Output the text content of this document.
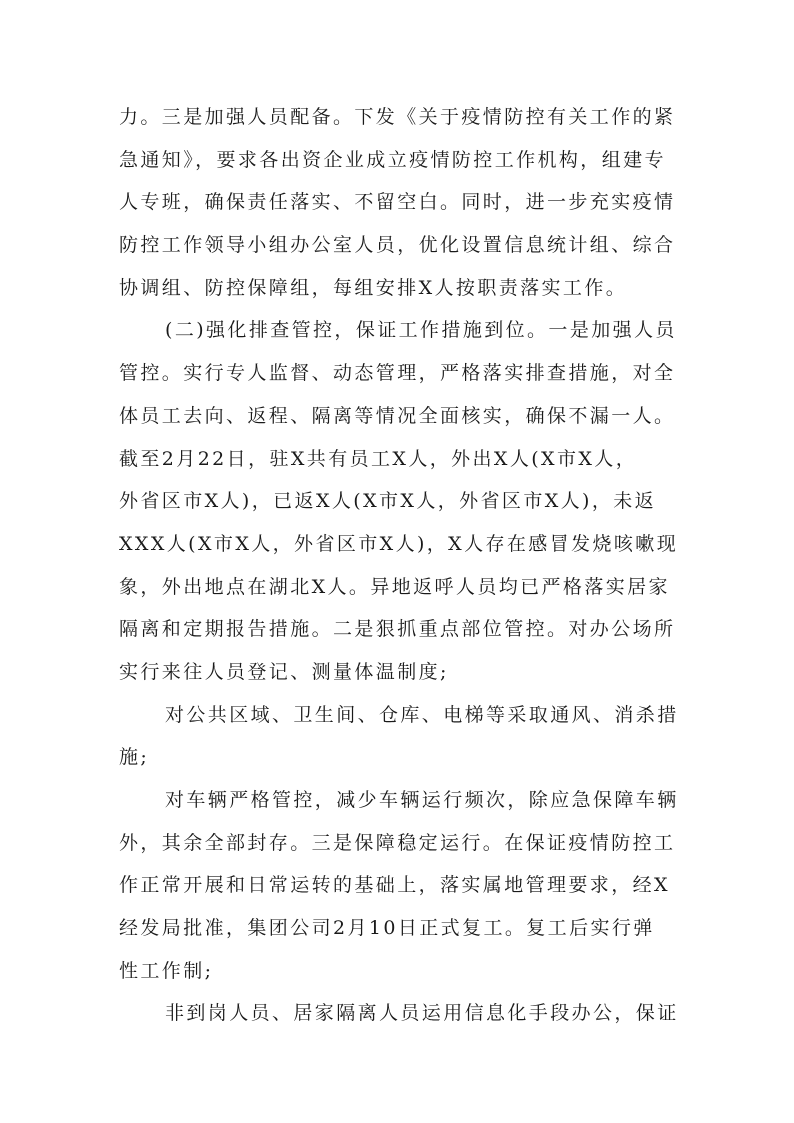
力。三是加强人员配备。下发《关于疫情防控有关工作的紧
急通知》，要求各出资企业成立疫情防控工作机构，组建专
人专班，确保责任落实、不留空白。同时，进一步充实疫情
防控工作领导小组办公室人员，优化设置信息统计组、综合
协调组、防控保障组，每组安排X人按职责落实工作。
(二)强化排查管控，保证工作措施到位。一是加强人员
管控。实行专人监督、动态管理，严格落实排查措施，对全
体员工去向、返程、隔离等情况全面核实，确保不漏一人。
截至2月22日，驻X共有员工X人，外出X人(X市X人，
外省区市X人)，已返X人(X市X人，外省区市X人)，未返
XXX人(X市X人，外省区市X人)，X人存在感冒发烧咳嗽现
象，外出地点在湖北X人。异地返呼人员均已严格落实居家
隔离和定期报告措施。二是狠抓重点部位管控。对办公场所
实行来往人员登记、测量体温制度;
对公共区域、卫生间、仓库、电梯等采取通风、消杀措
施;
对车辆严格管控，减少车辆运行频次，除应急保障车辆
外，其余全部封存。三是保障稳定运行。在保证疫情防控工
作正常开展和日常运转的基础上，落实属地管理要求，经X
经发局批准，集团公司2月10日正式复工。复工后实行弹
性工作制;
非到岗人员、居家隔离人员运用信息化手段办公，保证
